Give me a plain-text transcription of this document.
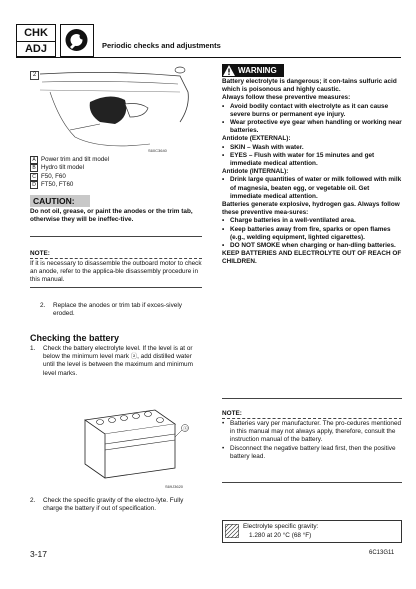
CHK
ADJ	Periodic checks and adjustments
2
S60C3640
A Power trim and tilt model
B Hydro tilt model
C F50, F60
D FT50, FT60
CAUTION:
Do not oil, grease, or paint the anodes or the trim tab, otherwise they will be ineffec-tive.
NOTE:
If it is necessary to disassemble the outboard motor to check an anode, refer to the applica-ble disassembly procedure in this manual.
2. Replace the anodes or trim tab if exces-sively eroded.
Checking the battery
1. Check the battery electrolyte level. If the level is at or below the minimum level mark ⓐ, add distilled water until the level is between the maximum and minimum level marks.
ⓐ
S69J3620
2. Check the specific gravity of the electro-lyte. Fully charge the battery if out of specification.
WARNING
Battery electrolyte is dangerous; it con-tains sulfuric acid which is poisonous and highly caustic.
Always follow these preventive measures:
• Avoid bodily contact with electrolyte as it can cause severe burns or permanent eye injury.
• Wear protective eye gear when handling or working near batteries.
Antidote (EXTERNAL):
• SKIN – Wash with water.
• EYES – Flush with water for 15 minutes and get immediate medical attention.
Antidote (INTERNAL):
• Drink large quantities of water or milk followed with milk of magnesia, beaten egg, or vegetable oil. Get immediate medical attention.
Batteries generate explosive, hydrogen gas. Always follow these preventive mea-sures:
• Charge batteries in a well-ventilated area.
• Keep batteries away from fire, sparks or open flames (e.g., welding equipment, lighted cigarettes).
• DO NOT SMOKE when charging or han-dling batteries.
KEEP BATTERIES AND ELECTROLYTE OUT OF REACH OF CHILDREN.
NOTE:
• Batteries vary per manufacturer. The pro-cedures mentioned in this manual may not always apply, therefore, consult the instruction manual of the battery.
• Disconnect the negative battery lead first, then the positive battery lead.
Electrolyte specific gravity:
1.280 at 20 °C (68 °F)
3-17	6C13G11
